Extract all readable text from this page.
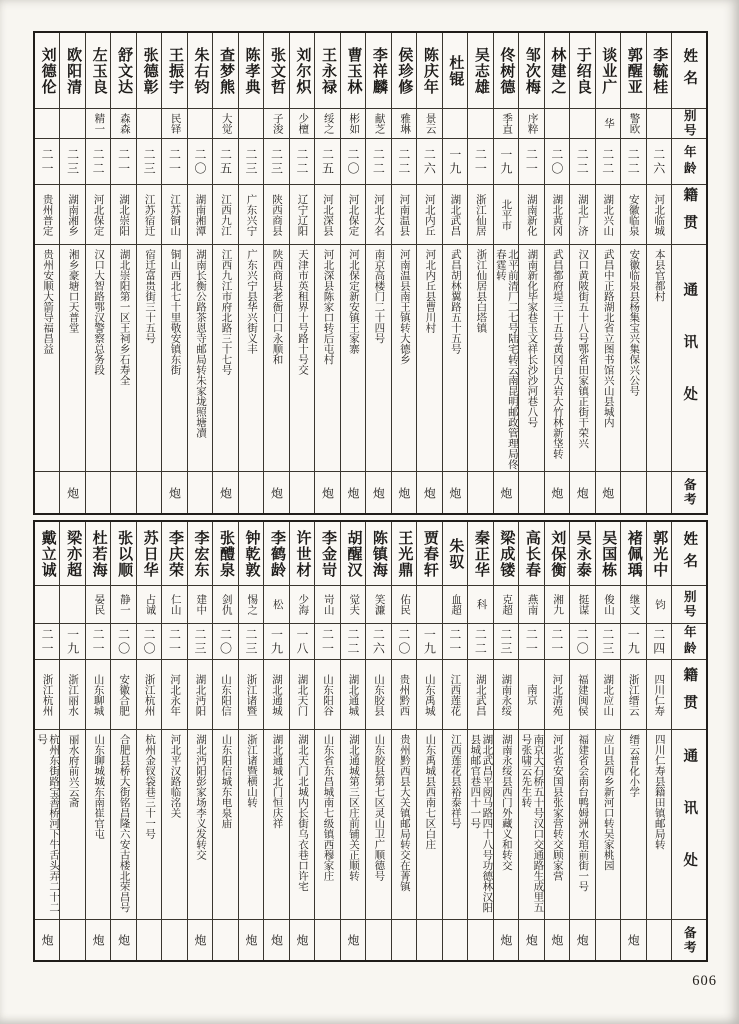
姓名
别号
年龄
籍贯
通讯处
备考
李毓桂
二六
河北临城
本县官都村
郭醒亚
警欧
二二
安徽临泉
安徽临泉县杨集宝兴集保兴公号
谈业广
华
二二
湖北兴山
武昌中正路湖北省立图书馆兴山县城内
炮
于绍良
二二
湖北广济
汉口黄陂街五十八号鄂省田家镇正街干荣兴
炮
林建之
二〇
湖北黄冈
武昌都府堤三十五号黄冈百大岩大竹林新垡转
炮
邹次梅
序粹
二一
湖南新化
湖南新化毕家巷玉文祥长沙沙河巷八号
佟树德
季直
一九
北平市
北平前清厂二七号陆宅转云南昆明邮政管理局佟春霆转
炮
吴志雄
二一
浙江仙居
浙江仙居县白塔镇
杜锟
一九
湖北武昌
武昌胡林翼路五十五号
炮
陈庆年
景云
二六
河北内丘
河北内丘县曹川村
炮
侯珍修
雅琳
二二
河南温县
河南温县南王镇转大德乡
炮
李祥麟
献芝
二二
河北大名
南京高楼门二十四号
炮
曹玉林
彬如
二〇
河北保定
河北保定新安镇王家寨
炮
王永禄
绥之
二五
河北深县
河北深县陈家口转后屯村
炮
刘尔炽
少檀
二二
辽宁辽阳
天津市英租界十号路十号交
张文哲
子浚
二三
陕西商县
陕西商县老衙门口永顺和
炮
陈孝典
二三
广东兴宁
广东兴宁县华兴街义丰
查梦熊
大觉
二五
江西九江
江西九江市府北路三十七号
炮
朱右钧
二〇
湖南湘潭
湖南长衡公路茶恩寺邮局转朱家垅照塘凟
王振宇
民铎
二一
江苏铜山
铜山西北七十里敬安镇东街
炮
张德彰
二三
江苏宿迁
宿迁富贵街三十五号
舒文达
森森
二一
湖北崇阳
湖北崇阳第一区王祠乡石寿全
左玉良
精一
二二
河北保定
汉口大智路鄂汉警察总务段
欧阳清
二三
湖南湘乡
湘乡豪塘口天普堂
炮
刘德伦
二一
贵州普定
贵州安顺大箭导福昌益
姓名
别号
年龄
籍贯
通讯处
备考
郭光中
钧
二四
四川仁寿
四川仁寿县籍田镇邮局转
褚佩瑀
继文
一九
浙江缙云
缙云普化小学
炮
吴国栋
俊山
二三
湖北应山
应山县西乡新河口转吴家桃园
吴永泰
挺谋
二〇
福建闽侯
福建省会南台鸭姆洲水琯前街一号
炮
刘保衡
湘九
二一
河北清苑
河北省安国县张家营转交顾家营
炮
高长春
燕南
二一
南京
南京大石桥五十号汉口交通路生成里五号张啸云先生转
炮
梁成镂
克超
二三
湖南永绥
湖南永绥县西门外藏义和转交
炮
秦正华
科
二二
湖北武昌
湖北武昌平阅马路四十八号功德林汉阳县城邮官巷四十一号
朱驭
血超
二一
江西莲花
江西莲花县裕泰祥号
贾春轩
一九
山东禹城
山东禹城县西南七区白庄
王光鼎
佑民
二〇
贵州黔西
贵州黔西县大关镇邮局转交在菁镇
陈镇海
笑濂
二六
山东胶县
山东胶县第七区灵山卫广顺德号
胡醒汉
觉夫
二二
湖北通城
湖北通城第三区庄前铺关正顺转
炮
李金岢
岢山
二一
山东阳谷
山东省东昌城南七级镇西穆家庄
许世材
少海
一八
湖北天门
湖北天门北城内长街乌衣巷口许宅
炮
李鹤龄
松
一九
湖北通城
湖北通城北门恒庆祥
炮
钟乾敦
惕之
二三
浙江诸暨
浙江诸暨横山转
炮
张醴泉
剑仇
二〇
山东阳信
山东阳信城东电泉庙
李宏东
建中
二三
湖北沔阳
湖北沔阳彭家场李义发转交
炮
李庆荣
仁山
二一
河北永年
河北平汉路临洺关
苏日华
占诚
二〇
浙江杭州
杭州金钗袋巷三十一号
张以顺
静一
二〇
安徽合肥
合肥县桥大街铭昌隆六安古楼北荣昌号
炮
杜若海
晏民
二一
山东聊城
山东聊城城东南崔官屯
炮
梁亦超
一九
浙江丽水
丽水府前兴云斋
戴立诚
二一
浙江杭州
杭州东街路宝善桥河下牛舌头弄二十二号
炮
606
